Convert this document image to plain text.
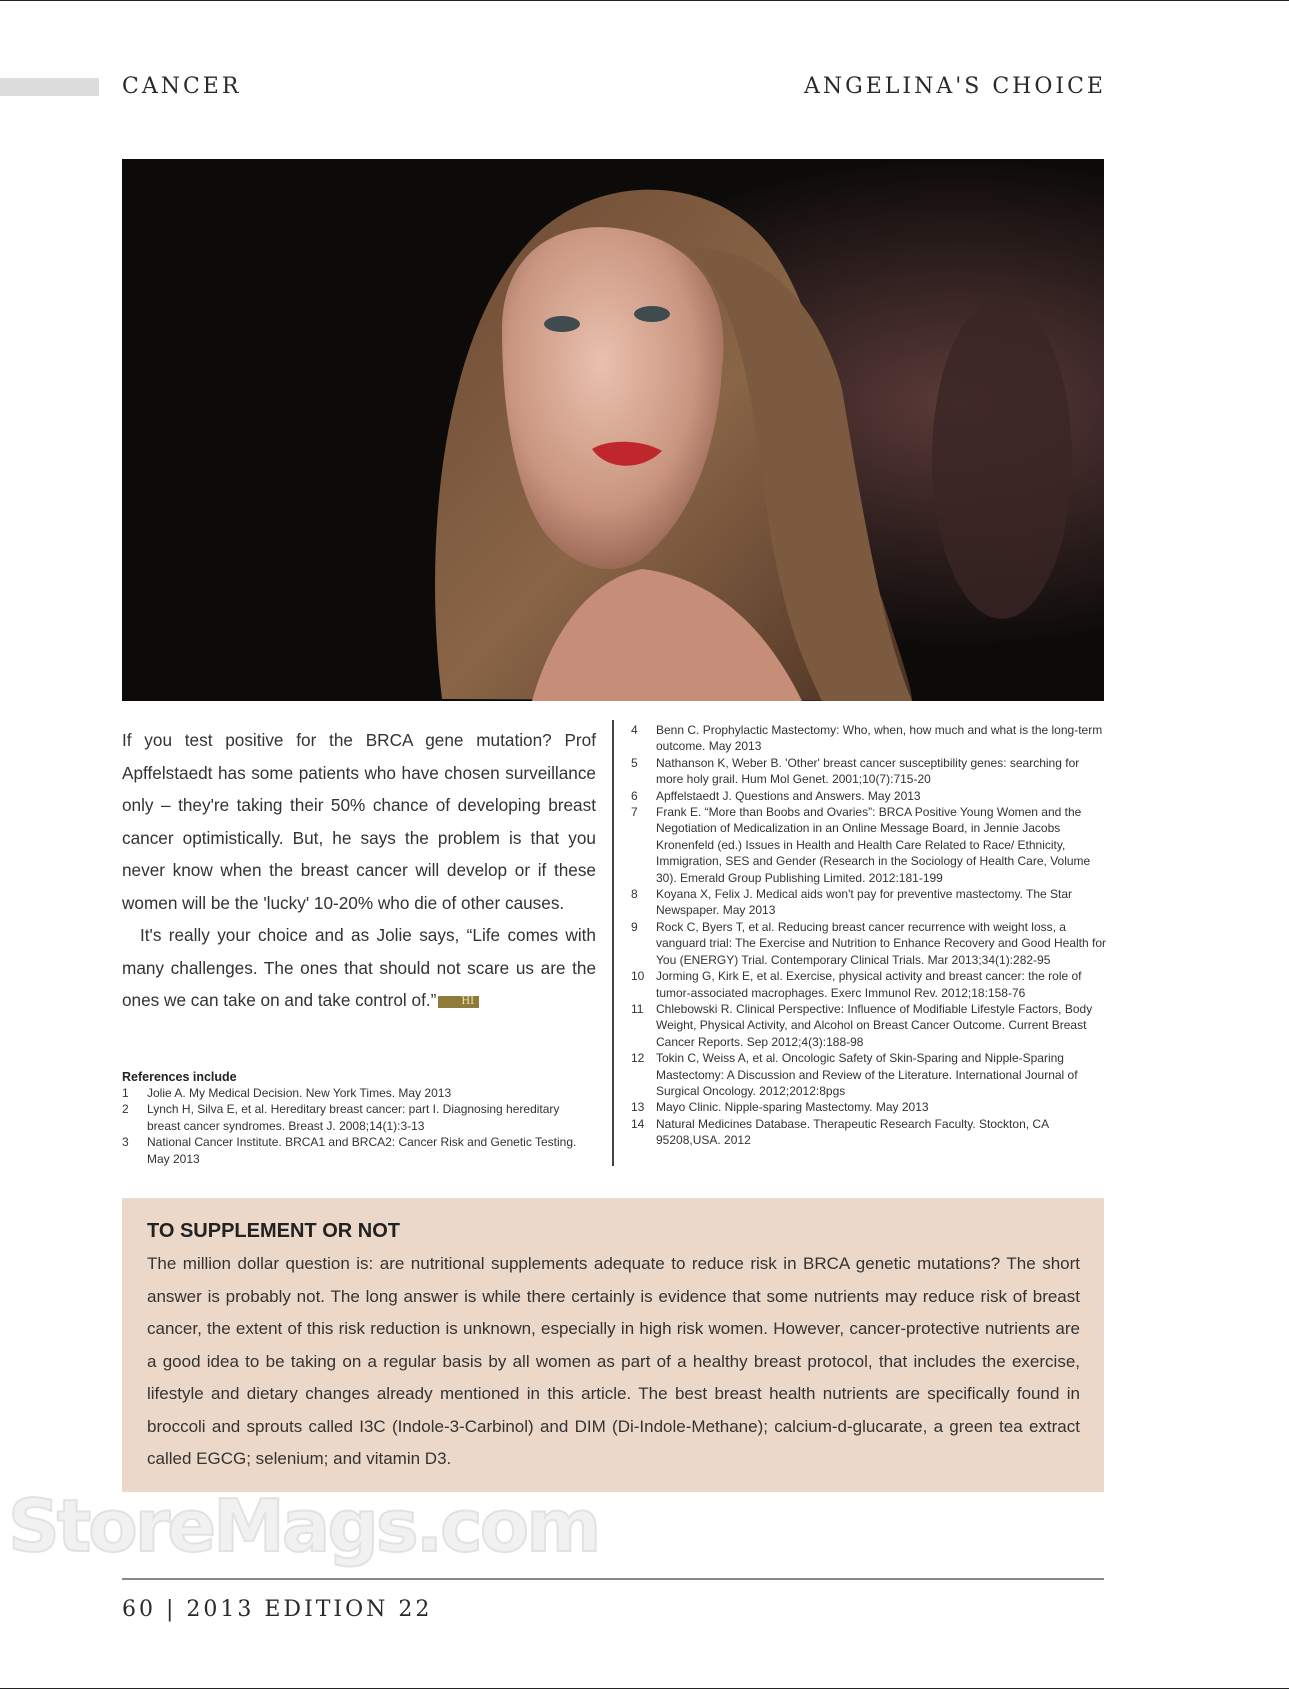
CANCER	ANGELINA'S CHOICE

If you test positive for the BRCA gene mutation? Prof Apffelstaedt has some patients who have chosen surveillance only – they're taking their 50% chance of developing breast cancer optimistically. But, he says the problem is that you never know when the breast cancer will develop or if these women will be the 'lucky' 10-20% who die of other causes.

It's really your choice and as Jolie says, “Life comes with many challenges. The ones that should not scare us are the ones we can take on and take control of.”	HI

References include
1	Jolie A. My Medical Decision. New York Times. May 2013
2	Lynch H, Silva E, et al. Hereditary breast cancer: part I. Diagnosing hereditary breast cancer syndromes. Breast J. 2008;14(1):3-13
3	National Cancer Institute. BRCA1 and BRCA2: Cancer Risk and Genetic Testing. May 2013
4	Benn C. Prophylactic Mastectomy: Who, when, how much and what is the long-term outcome. May 2013
5	Nathanson K, Weber B. 'Other' breast cancer susceptibility genes: searching for more holy grail. Hum Mol Genet. 2001;10(7):715-20
6	Apffelstaedt J. Questions and Answers. May 2013
7	Frank E. “More than Boobs and Ovaries”: BRCA Positive Young Women and the Negotiation of Medicalization in an Online Message Board, in Jennie Jacobs Kronenfeld (ed.) Issues in Health and Health Care Related to Race/ Ethnicity, Immigration, SES and Gender (Research in the Sociology of Health Care, Volume 30). Emerald Group Publishing Limited. 2012:181-199
8	Koyana X, Felix J. Medical aids won't pay for preventive mastectomy. The Star Newspaper. May 2013
9	Rock C, Byers T, et al. Reducing breast cancer recurrence with weight loss, a vanguard trial: The Exercise and Nutrition to Enhance Recovery and Good Health for You (ENERGY) Trial. Contemporary Clinical Trials. Mar 2013;34(1):282-95
10 Jorming G, Kirk E, et al. Exercise, physical activity and breast cancer: the role of tumor-associated macrophages. Exerc Immunol Rev. 2012;18:158-76
11	Chlebowski R. Clinical Perspective: Influence of Modifiable Lifestyle Factors, Body Weight, Physical Activity, and Alcohol on Breast Cancer Outcome. Current Breast Cancer Reports. Sep 2012;4(3):188-98
12 Tokin C, Weiss A, et al. Oncologic Safety of Skin-Sparing and Nipple-Sparing Mastectomy: A Discussion and Review of the Literature. International Journal of Surgical Oncology. 2012;2012:8pgs
13 Mayo Clinic. Nipple-sparing Mastectomy. May 2013
14 Natural Medicines Database. Therapeutic Research Faculty. Stockton, CA 95208,USA. 2012
TO SUPPLEMENT OR NOT

The million dollar question is: are nutritional supplements adequate to reduce risk in BRCA genetic mutations? The short answer is probably not. The long answer is while there certainly is evidence that some nutrients may reduce risk of breast cancer, the extent of this risk reduction is unknown, especially in high risk women. However, cancer-protective nutrients are a good idea to be taking on a regular basis by all women as part of a healthy breast protocol, that includes the exercise, lifestyle and dietary changes already mentioned in this article. The best breast health nutrients are specifically found in broccoli and sprouts called I3C (Indole-3-Carbinol) and DIM (Di-Indole-Methane); calcium-d-glucarate, a green tea extract called EGCG; selenium; and vitamin D3.

StoreMags.com
60 | 2013 EDITION 22
